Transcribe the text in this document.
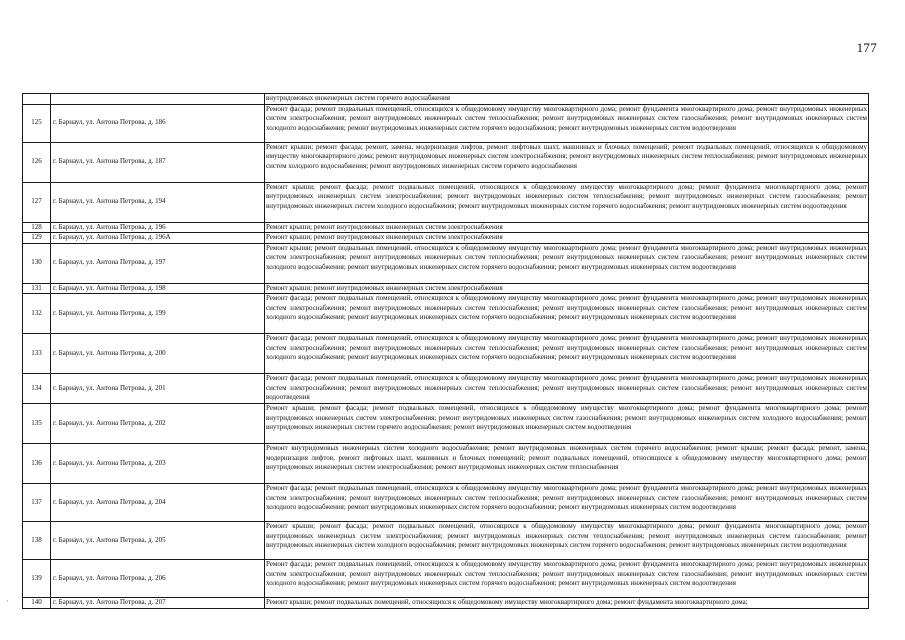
177
·
		внутридомовых инженерных систем горячего водоснабжения
125	г. Барнаул, ул. Антона Петрова, д. 186	Ремонт фасада; ремонт подвальных помещений, относящихся к общедомовому имуществу многоквартирного дома; ремонт фундамента многоквартирного дома; ремонт внутридомовых инженерных систем электроснабжения; ремонт внутридомовых инженерных систем теплоснабжения; ремонт внутридомовых инженерных систем газоснабжения; ремонт внутридомовых инженерных систем холодного водоснабжения; ремонт внутридомовых инженерных систем горячего водоснабжения; ремонт внутридомовых инженерных систем водоотведения
126	г. Барнаул, ул. Антона Петрова, д. 187	Ремонт крыши; ремонт фасада; ремонт, замена, модернизация лифтов, ремонт лифтовых шахт, машинных и блочных помещений; ремонт подвальных помещений, относящихся к общедомовому имуществу многоквартирного дома; ремонт внутридомовых инженерных систем электроснабжения; ремонт внутридомовых инженерных систем теплоснабжения; ремонт внутридомовых инженерных систем холодного водоснабжения; ремонт внутридомовых инженерных систем горячего водоснабжения
127	г. Барнаул, ул. Антона Петрова, д. 194	Ремонт крыши; ремонт фасада; ремонт подвальных помещений, относящихся к общедомовому имуществу многоквартирного дома; ремонт фундамента многоквартирного дома; ремонт внутридомовых инженерных систем электроснабжения; ремонт внутридомовых инженерных систем теплоснабжения; ремонт внутридомовых инженерных систем газоснабжения; ремонт внутридомовых инженерных систем холодного водоснабжения; ремонт внутридомовых инженерных систем горячего водоснабжения; ремонт внутридомовых инженерных систем водоотведения
128	г. Барнаул, ул. Антона Петрова, д. 196	Ремонт крыши; ремонт внутридомовых инженерных систем электроснабжения
129	г. Барнаул, ул. Антона Петрова, д. 196А	Ремонт крыши; ремонт внутридомовых инженерных систем электроснабжения
130	г. Барнаул, ул. Антона Петрова, д. 197	Ремонт крыши; ремонт подвальных помещений, относящихся к общедомовому имуществу многоквартирного дома; ремонт фундамента многоквартирного дома; ремонт внутридомовых инженерных систем электроснабжения; ремонт внутридомовых инженерных систем теплоснабжения; ремонт внутридомовых инженерных систем газоснабжения; ремонт внутридомовых инженерных систем холодного водоснабжения; ремонт внутридомовых инженерных систем горячего водоснабжения; ремонт внутридомовых инженерных систем водоотведения
131	г. Барнаул, ул. Антона Петрова, д. 198	Ремонт крыши; ремонт внутридомовых инженерных систем электроснабжения
132	г. Барнаул, ул. Антона Петрова, д. 199	Ремонт фасада; ремонт подвальных помещений, относящихся к общедомовому имуществу многоквартирного дома; ремонт фундамента многоквартирного дома; ремонт внутридомовых инженерных систем электроснабжения; ремонт внутридомовых инженерных систем теплоснабжения; ремонт внутридомовых инженерных систем газоснабжения; ремонт внутридомовых инженерных систем холодного водоснабжения; ремонт внутридомовых инженерных систем горячего водоснабжения; ремонт внутридомовых инженерных систем водоотведения
133	г. Барнаул, ул. Антона Петрова, д. 200	Ремонт фасада; ремонт подвальных помещений, относящихся к общедомовому имуществу многоквартирного дома; ремонт фундамента многоквартирного дома; ремонт внутридомовых инженерных систем электроснабжения; ремонт внутридомовых инженерных систем теплоснабжения; ремонт внутридомовых инженерных систем газоснабжения; ремонт внутридомовых инженерных систем холодного водоснабжения; ремонт внутридомовых инженерных систем горячего водоснабжения; ремонт внутридомовых инженерных систем водоотведения
134	г. Барнаул, ул. Антона Петрова, д. 201	Ремонт фасада; ремонт подвальных помещений, относящихся к общедомовому имуществу многоквартирного дома; ремонт фундамента многоквартирного дома; ремонт внутридомовых инженерных систем электроснабжения; ремонт внутридомовых инженерных систем теплоснабжения; ремонт внутридомовых инженерных систем газоснабжения; ремонт внутридомовых инженерных систем водоотведения
135	г. Барнаул, ул. Антона Петрова, д. 202	Ремонт крыши; ремонт фасада; ремонт подвальных помещений, относящихся к общедомовому имуществу многоквартирного дома; ремонт фундамента многоквартирного дома; ремонт внутридомовых инженерных систем электроснабжения; ремонт внутридомовых инженерных систем газоснабжения; ремонт внутридомовых инженерных систем холодного водоснабжения; ремонт внутридомовых инженерных систем горячего водоснабжения; ремонт внутридомовых инженерных систем водоотведения
136	г. Барнаул, ул. Антона Петрова, д. 203	Ремонт внутридомовых инженерных систем холодного водоснабжения; ремонт внутридомовых инженерных систем горячего водоснабжения; ремонт крыши; ремонт фасада; ремонт, замена, модернизация лифтов, ремонт лифтовых шахт, машинных и блочных помещений; ремонт подвальных помещений, относящихся к общедомовому имуществу многоквартирного дома; ремонт внутридомовых инженерных систем электроснабжения; ремонт внутридомовых инженерных систем теплоснабжения
137	г. Барнаул, ул. Антона Петрова, д. 204	Ремонт фасада; ремонт подвальных помещений, относящихся к общедомовому имуществу многоквартирного дома; ремонт фундамента многоквартирного дома; ремонт внутридомовых инженерных систем электроснабжения; ремонт внутридомовых инженерных систем теплоснабжения; ремонт внутридомовых инженерных систем газоснабжения; ремонт внутридомовых инженерных систем холодного водоснабжения; ремонт внутридомовых инженерных систем горячего водоснабжения; ремонт внутридомовых инженерных систем водоотведения
138	г. Барнаул, ул. Антона Петрова, д. 205	Ремонт крыши; ремонт фасада; ремонт подвальных помещений, относящихся к общедомовому имуществу многоквартирного дома; ремонт фундамента многоквартирного дома; ремонт внутридомовых инженерных систем электроснабжения; ремонт внутридомовых инженерных систем теплоснабжения; ремонт внутридомовых инженерных систем газоснабжения; ремонт внутридомовых инженерных систем холодного водоснабжения; ремонт внутридомовых инженерных систем горячего водоснабжения; ремонт внутридомовых инженерных систем водоотведения
139	г. Барнаул, ул. Антона Петрова, д. 206	Ремонт фасада; ремонт подвальных помещений, относящихся к общедомовому имуществу многоквартирного дома; ремонт фундамента многоквартирного дома; ремонт внутридомовых инженерных систем электроснабжения; ремонт внутридомовых инженерных систем теплоснабжения; ремонт внутридомовых инженерных систем газоснабжения; ремонт внутридомовых инженерных систем холодного водоснабжения; ремонт внутридомовых инженерных систем горячего водоснабжения; ремонт внутридомовых инженерных систем водоотведения
140	г. Барнаул, ул. Антона Петрова, д. 207	Ремонт крыши; ремонт подвальных помещений, относящихся к общедомовому имуществу многоквартирного дома; ремонт фундамента многоквартирного дома;
